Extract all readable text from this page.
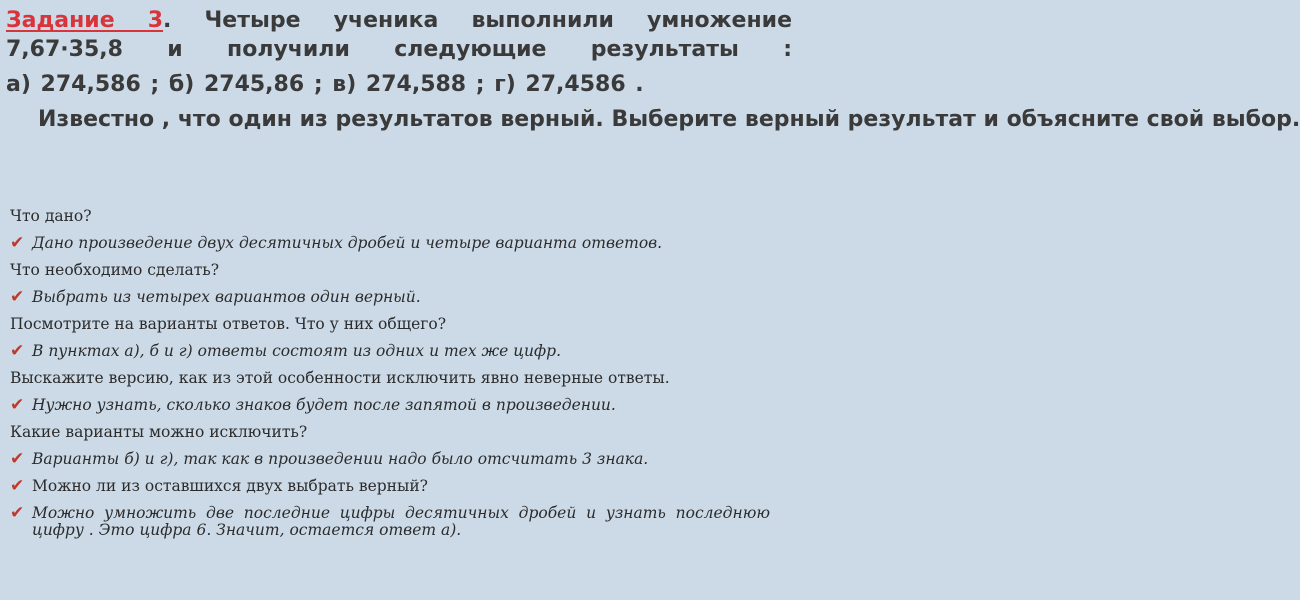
Задание 3. Четыре ученика выполнили умножение
7,67·35,8 и получили следующие результаты :
а) 274,586 ; б) 2745,86 ; в) 274,588 ; г) 27,4586 .
Известно , что один из результатов верный. Выберите верный результат и объясните свой выбор.
Что дано?
✔ Дано произведение двух десятичных дробей и четыре варианта ответов.
Что необходимо сделать?
✔ Выбрать из четырех вариантов один верный.
Посмотрите на варианты ответов. Что у них общего?
✔ В пунктах а), б и г) ответы состоят из одних и тех же цифр.
Выскажите версию, как из этой особенности исключить явно неверные ответы.
✔ Нужно узнать, сколько знаков будет после запятой в произведении.
Какие варианты можно исключить?
✔ Варианты б) и г), так как в произведении надо было отсчитать 3 знака.
✔ Можно ли из оставшихся двух выбрать верный?
✔ Можно умножить две последние цифры десятичных дробей и узнать последнюю цифру . Это цифра 6. Значит, остается ответ а).
